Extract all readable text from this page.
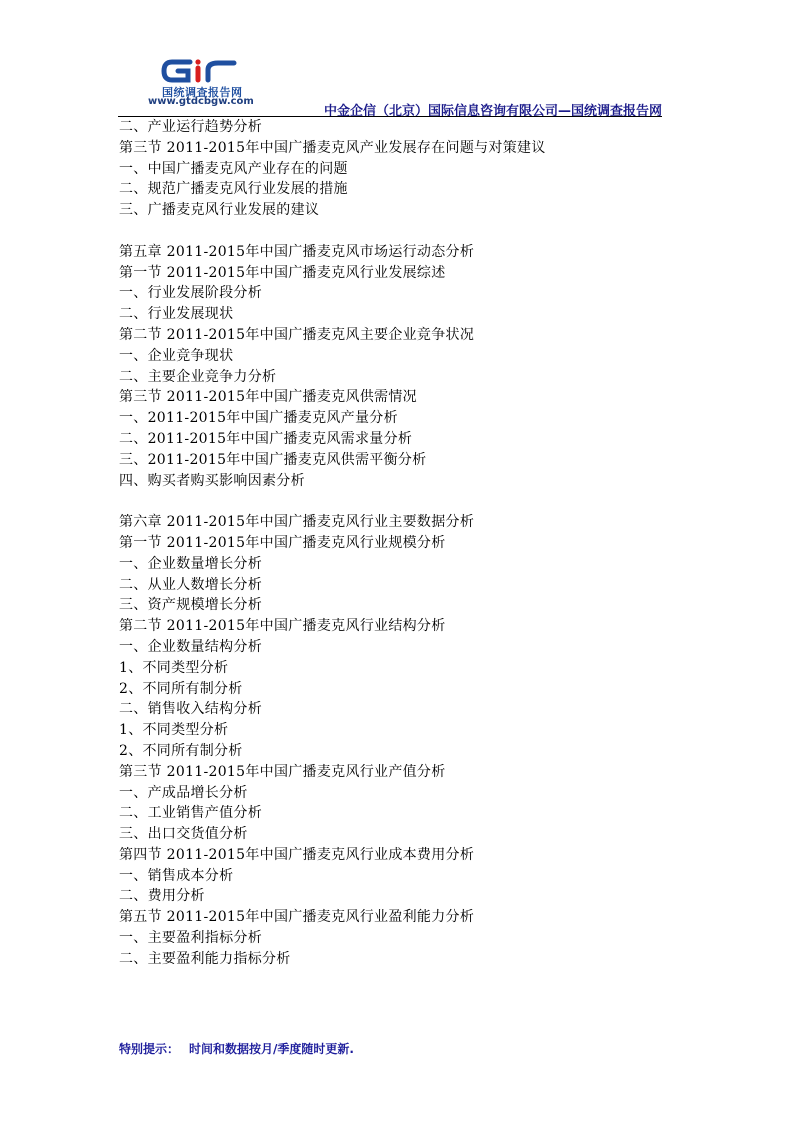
国统调查报告网
www.gtdcbgw.com
中金企信（北京）国际信息咨询有限公司—国统调查报告网
二、产业运行趋势分析
第三节 2011-2015年中国广播麦克风产业发展存在问题与对策建议
一、中国广播麦克风产业存在的问题
二、规范广播麦克风行业发展的措施
三、广播麦克风行业发展的建议
第五章 2011-2015年中国广播麦克风市场运行动态分析
第一节 2011-2015年中国广播麦克风行业发展综述
一、行业发展阶段分析
二、行业发展现状
第二节 2011-2015年中国广播麦克风主要企业竞争状况
一、企业竞争现状
二、主要企业竞争力分析
第三节 2011-2015年中国广播麦克风供需情况
一、2011-2015年中国广播麦克风产量分析
二、2011-2015年中国广播麦克风需求量分析
三、2011-2015年中国广播麦克风供需平衡分析
四、购买者购买影响因素分析
第六章 2011-2015年中国广播麦克风行业主要数据分析
第一节 2011-2015年中国广播麦克风行业规模分析
一、企业数量增长分析
二、从业人数增长分析
三、资产规模增长分析
第二节 2011-2015年中国广播麦克风行业结构分析
一、企业数量结构分析
1、不同类型分析
2、不同所有制分析
二、销售收入结构分析
1、不同类型分析
2、不同所有制分析
第三节 2011-2015年中国广播麦克风行业产值分析
一、产成品增长分析
二、工业销售产值分析
三、出口交货值分析
第四节 2011-2015年中国广播麦克风行业成本费用分析
一、销售成本分析
二、费用分析
第五节 2011-2015年中国广播麦克风行业盈利能力分析
一、主要盈利指标分析
二、主要盈利能力指标分析
特别提示： 时间和数据按月/季度随时更新.
